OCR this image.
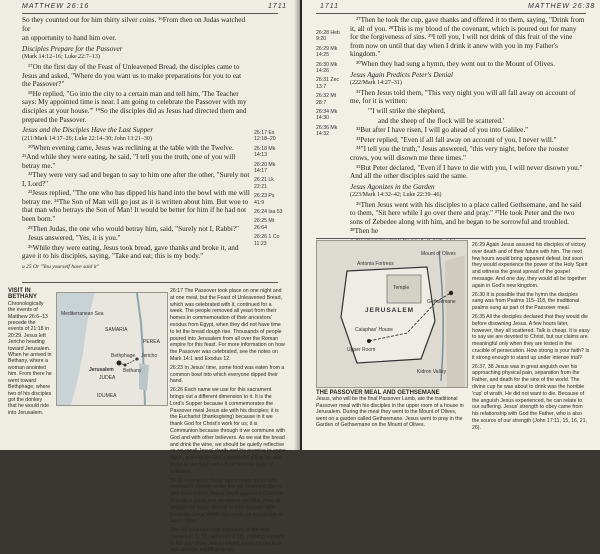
MATTHEW 26:16	1711

So they counted out for him thirty silver coins. ¹⁶From then on Judas watched for

an opportunity to hand him over.

Disciples Prepare for the Passover
(Mark 14:12–16; Luke 22:7–13)

¹⁷On the first day of the Feast of Unleavened Bread, the disciples came to Jesus and asked, "Where do you want us to make preparations for you to eat the Passover?"

¹⁸He replied, "Go into the city to a certain man and tell him, 'The Teacher says: My appointed time is near. I am going to celebrate the Passover with my disciples at your house.'" ¹⁹So the disciples did as Jesus had directed them and prepared the Passover.

Jesus and the Disciples Have the Last Supper
(211/Mark 14:17–26; Luke 22:14–30; John 13:21–30)

²⁰When evening came, Jesus was reclining at the table with the Twelve. ²¹And while they were eating, he said, "I tell you the truth, one of you will betray me."

²²They were very sad and began to say to him one after the other, "Surely not I, Lord?"

²³Jesus replied, "The one who has dipped his hand into the bowl with me will betray me. ²⁴The Son of Man will go just as it is written about him. But woe to that man who betrays the Son of Man! It would be better for him if he had not been born."

²⁵Then Judas, the one who would betray him, said, "Surely not I, Rabbi?"

Jesus answered, "Yes, it is you."

²⁶While they were eating, Jesus took bread, gave thanks and broke it, and gave it to his disciples, saying, "Take and eat; this is my body."

a 25 Or "You yourself have said it"
26:17 Ex 12:18–20
26:18 Mk 14:13
26:20 Mk 14:17
26:21 Lk 22:21
26:23 Ps 41:9
26:24 Isa 53
26:25 Mt 26:64
26:26 1 Co 11:23
VISIT IN BETHANY
Chronologically the events of Matthew 26:6–13 precede the events of 21:18 in 20:29. Jesus left Jericho heading toward Jerusalem. When he arrived in Bethany, where a woman anointed him. From there he went toward Bethphage, where two of his disciples got the donkey that he would ride into Jerusalem.
Mediterranean Sea
SAMARIA
PEREA
JUDEA
Jerusalem Bethany
Bethphage
IDUMEA
Jericho

26:17 The Passover took place on one night and at one meal, but the Feast of Unleavened Bread, which was celebrated with it, continued for a week. The people removed all yeast from their homes in commemoration of their ancestors' exodus from Egypt, when they did not have time to let the bread dough rise. Thousands of people poured into Jerusalem from all over the Roman empire for this feast. For more information on how the Passover was celebrated, see the notes on Mark 14:1 and Exodus 12.

26:23 In Jesus' time, some food was eaten from a common bowl into which everyone dipped their hand.

26:26 Each name we use for this sacrament brings out a different dimension to it. It is the Lord's Supper because it commemorates the Passover meal Jesus ate with his disciples; it is the Eucharist (thanksgiving) because in it we thank God for Christ's work for us; it is Communion because through it we commune with God and with other believers. As we eat the bread and drink the wine, we should be quietly reflective as we recall Jesus' death and his promise to come again, grateful for God's wonderful gift to us, and joyful as we meet with Christ and the body of believers.

26:26 How does Jesus' blood relate to his new covenant? People under the old covenant (those who lived before Jesus) could approach God only through a priest and an animal sacrifice. Now all people can come directly to God through faith because Jesus' death has made us acceptable in God's eyes.

The old covenant was a shadow of the new (Jeremiah 31:31; Hebrews 8:1ff), pointing forward to the day when Jesus himself would be the final and ultimate sacrifice for sin.

1711	MATTHEW 26:38
26:28 Heb 9:20
26:29 Mk 14:25
26:30 Mk 14:26
26:31 Zec 13:7
26:32 Mt 28:7
26:34 Mk 14:30
26:36 Mk 14:32

²⁷Then he took the cup, gave thanks and offered it to them, saying, "Drink from it, all of you. ²⁸This is my blood of the covenant, which is poured out for many for the forgiveness of sins. ²⁹I tell you, I will not drink of this fruit of the vine from now on until that day when I drink it anew with you in my Father's kingdom."

³⁰When they had sung a hymn, they went out to the Mount of Olives.

Jesus Again Predicts Peter's Denial
(222/Mark 14:27–31)

³¹Then Jesus told them, "This very night you will all fall away on account of me, for it is written:

"'I will strike the shepherd,

and the sheep of the flock will be scattered.'

³²But after I have risen, I will go ahead of you into Galilee."

³³Peter replied, "Even if all fall away on account of you, I never will."

³⁴"I tell you the truth," Jesus answered, "this very night, before the rooster crows, you will disown me three times."

³⁵But Peter declared, "Even if I have to die with you, I will never disown you." And all the other disciples said the same.

Jesus Agonizes in the Garden
(223/Mark 14:32–42; Luke 22:39–46)

³⁶Then Jesus went with his disciples to a place called Gethsemane, and he said to them, "Sit here while I go over there and pray." ³⁷He took Peter and the two sons of Zebedee along with him, and he began to be sorrowful and troubled. ³⁸Then he

JERUSALEM
Mount of Olives
Gethsemane
Antonia Fortress
Kidron Valley
Temple
Upper Room
Caiaphas' House
THE PASSOVER MEAL AND GETHSEMANE
Jesus, who will be the final Passover Lamb, ate the traditional Passover meal with his disciples in the upper room of a house in Jerusalem. During the meal they went to the Mount of Olives, went on a garden called Gethsemane. Jesus went to pray in the Garden of Gethsemane on the Mount of Olives.

26:29 Again Jesus assured his disciples of victory over death and of their future with him. The next few hours would bring apparent defeat, but soon they would experience the power of the Holy Spirit and witness the great spread of the gospel message. And one day, they would all be together again in God's new kingdom.

26:30 It is possible that the hymn the disciples sang was from Psalms 115–118, the traditional psalms sung as part of the Passover meal.

26:35 All the disciples declared that they would die before disowning Jesus. A few hours later, however, they all scattered. Talk is cheap. It is easy to say we are devoted to Christ, but our claims are meaningful only when they are tested in the crucible of persecution. How strong is your faith? Is it strong enough to stand up under intense trial?

26:37, 38 Jesus was in great anguish over his approaching physical pain, separation from the Father, and death for the sins of the world. The divine cup he was about to drink was the horrible 'cup' of wrath. He did not want to die. Because of the anguish Jesus experienced, he can relate to our suffering. Jesus' strength to obey came from his relationship with God the Father, who is also the source of our strength (John 17:11, 15, 16, 21, 26).
